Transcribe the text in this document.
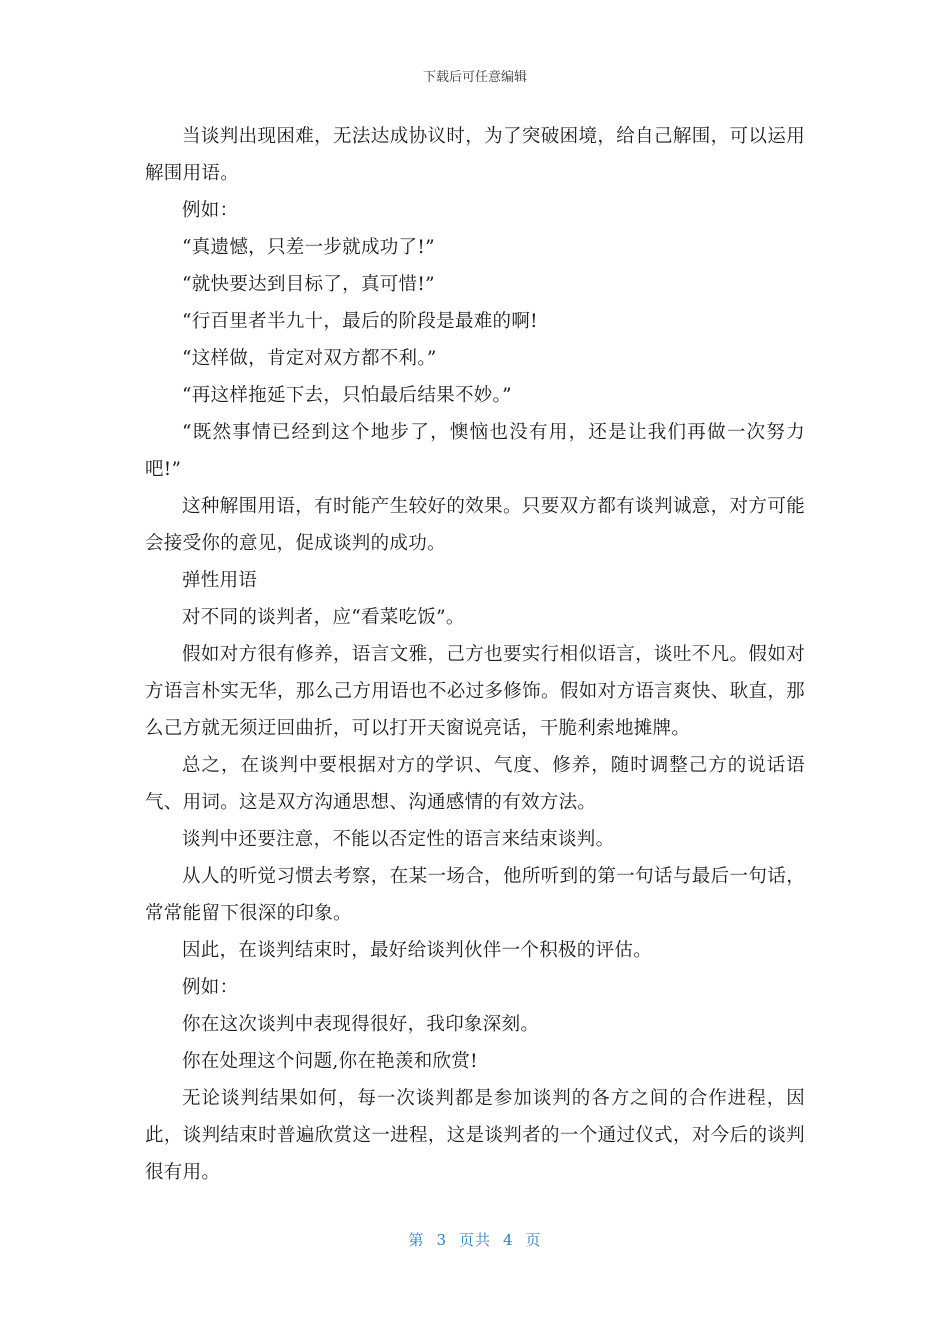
下载后可任意编辑

当谈判出现困难，无法达成协议时，为了突破困境，给自己解围，可以运用解围用语。

例如：

“真遗憾，只差一步就成功了!”

“就快要达到目标了，真可惜!”

“行百里者半九十，最后的阶段是最难的啊!

“这样做，肯定对双方都不利。”

“再这样拖延下去，只怕最后结果不妙。”

“既然事情已经到这个地步了，懊恼也没有用，还是让我们再做一次努力吧!”

这种解围用语，有时能产生较好的效果。只要双方都有谈判诚意，对方可能会接受你的意见，促成谈判的成功。

弹性用语

对不同的谈判者，应“看菜吃饭”。

假如对方很有修养，语言文雅，己方也要实行相似语言，谈吐不凡。假如对方语言朴实无华，那么己方用语也不必过多修饰。假如对方语言爽快、耿直，那么己方就无须迂回曲折，可以打开天窗说亮话，干脆利索地摊牌。

总之，在谈判中要根据对方的学识、气度、修养，随时调整己方的说话语气、用词。这是双方沟通思想、沟通感情的有效方法。

谈判中还要注意，不能以否定性的语言来结束谈判。

从人的听觉习惯去考察，在某一场合，他所听到的第一句话与最后一句话，常常能留下很深的印象。

因此，在谈判结束时，最好给谈判伙伴一个积极的评估。

例如：

你在这次谈判中表现得很好，我印象深刻。

你在处理这个问题,你在艳羡和欣赏!

无论谈判结果如何，每一次谈判都是参加谈判的各方之间的合作进程，因此，谈判结束时普遍欣赏这一进程，这是谈判者的一个通过仪式，对今后的谈判很有用。

第 3 页共 4 页
